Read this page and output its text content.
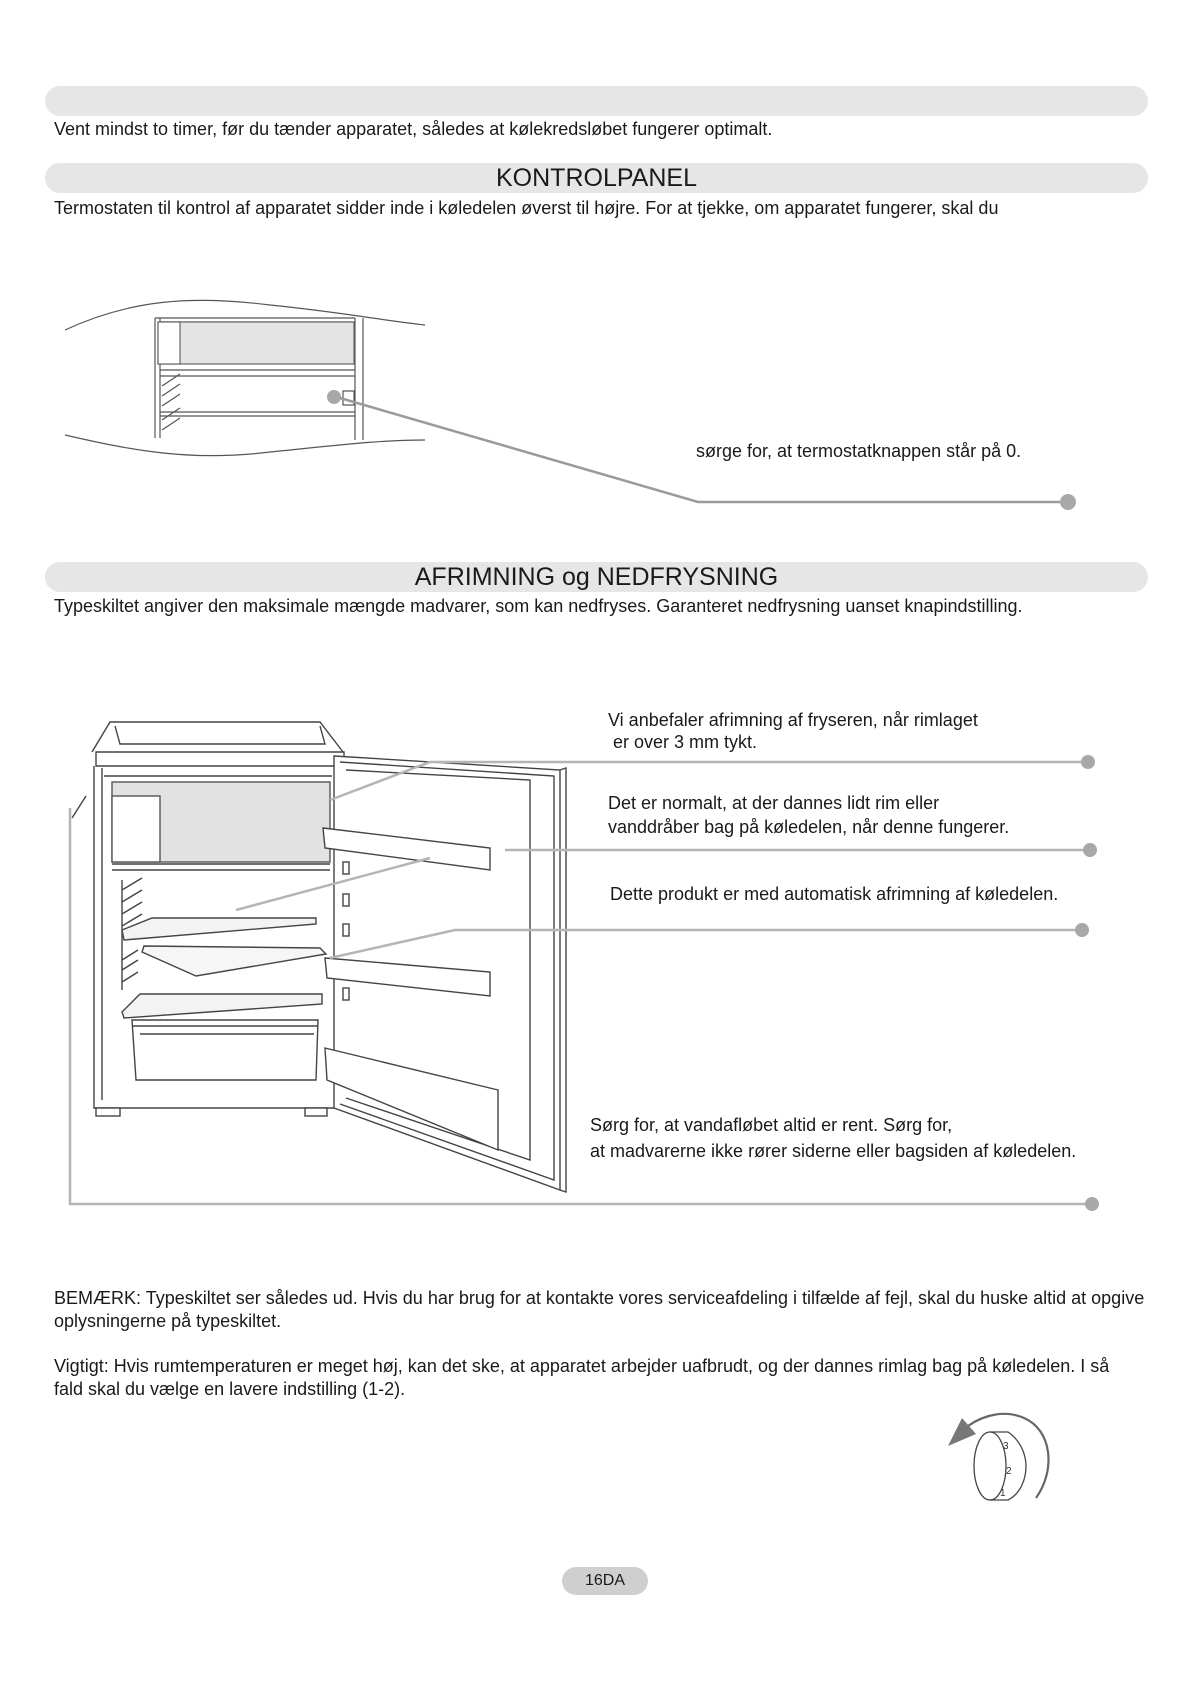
Vent mindst to timer, før du tænder apparatet, således at kølekredsløbet fungerer optimalt.
KONTROLPANEL
Termostaten til kontrol af apparatet sidder inde i køledelen øverst til højre. For at tjekke, om apparatet fungerer, skal du
3
2
1
sørge for, at termostatknappen står på 0.
AFRIMNING og NEDFRYSNING
Typeskiltet angiver den maksimale mængde madvarer, som kan nedfryses. Garanteret nedfrysning uanset knapindstilling.
Vi anbefaler afrimning af fryseren, når rimlaget
er over 3 mm tykt.
Det er normalt, at der dannes lidt rim eller
vanddråber bag på køledelen, når denne fungerer.
Dette produkt er med automatisk afrimning af køledelen.
Sørg for, at vandafløbet altid er rent. Sørg for,
at madvarerne ikke rører siderne eller bagsiden af køledelen.
BEMÆRK: Typeskiltet ser således ud. Hvis du har brug for at kontakte vores serviceafdeling i tilfælde af fejl, skal du huske altid at opgive oplysningerne på typeskiltet.
Vigtigt: Hvis rumtemperaturen er meget høj, kan det ske, at apparatet arbejder uafbrudt, og der dannes rimlag bag på køledelen. I så fald skal du vælge en lavere indstilling (1-2).
16DA
